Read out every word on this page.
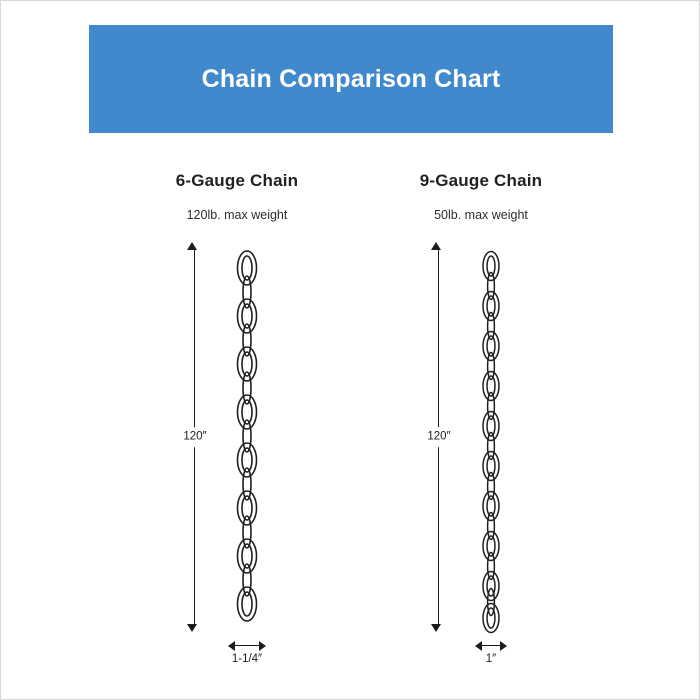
Chain Comparison Chart
6-Gauge Chain
120lb. max weight
120″
1-1/4″
9-Gauge Chain
50lb. max weight
120″
1″
